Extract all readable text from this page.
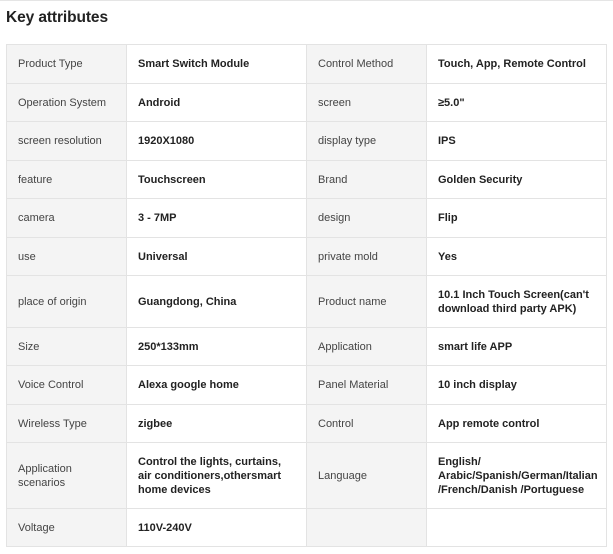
Key attributes
Product Type	Smart Switch Module	Control Method	Touch, App, Remote Control
Operation System	Android	screen	≥5.0"
screen resolution	1920X1080	display type	IPS
feature	Touchscreen	Brand	Golden Security
camera	3 - 7MP	design	Flip
use	Universal	private mold	Yes
place of origin	Guangdong, China	Product name	10.1 Inch Touch Screen(can't download third party APK)
Size	250*133mm	Application	smart life APP
Voice Control	Alexa google home	Panel Material	10 inch display
Wireless Type	zigbee	Control	App remote control
Application scenarios	Control the lights, curtains, air conditioners,othersmart home devices	Language	English/ Arabic/Spanish/German/Italian /French/Danish /Portuguese
Voltage	110V-240V		
